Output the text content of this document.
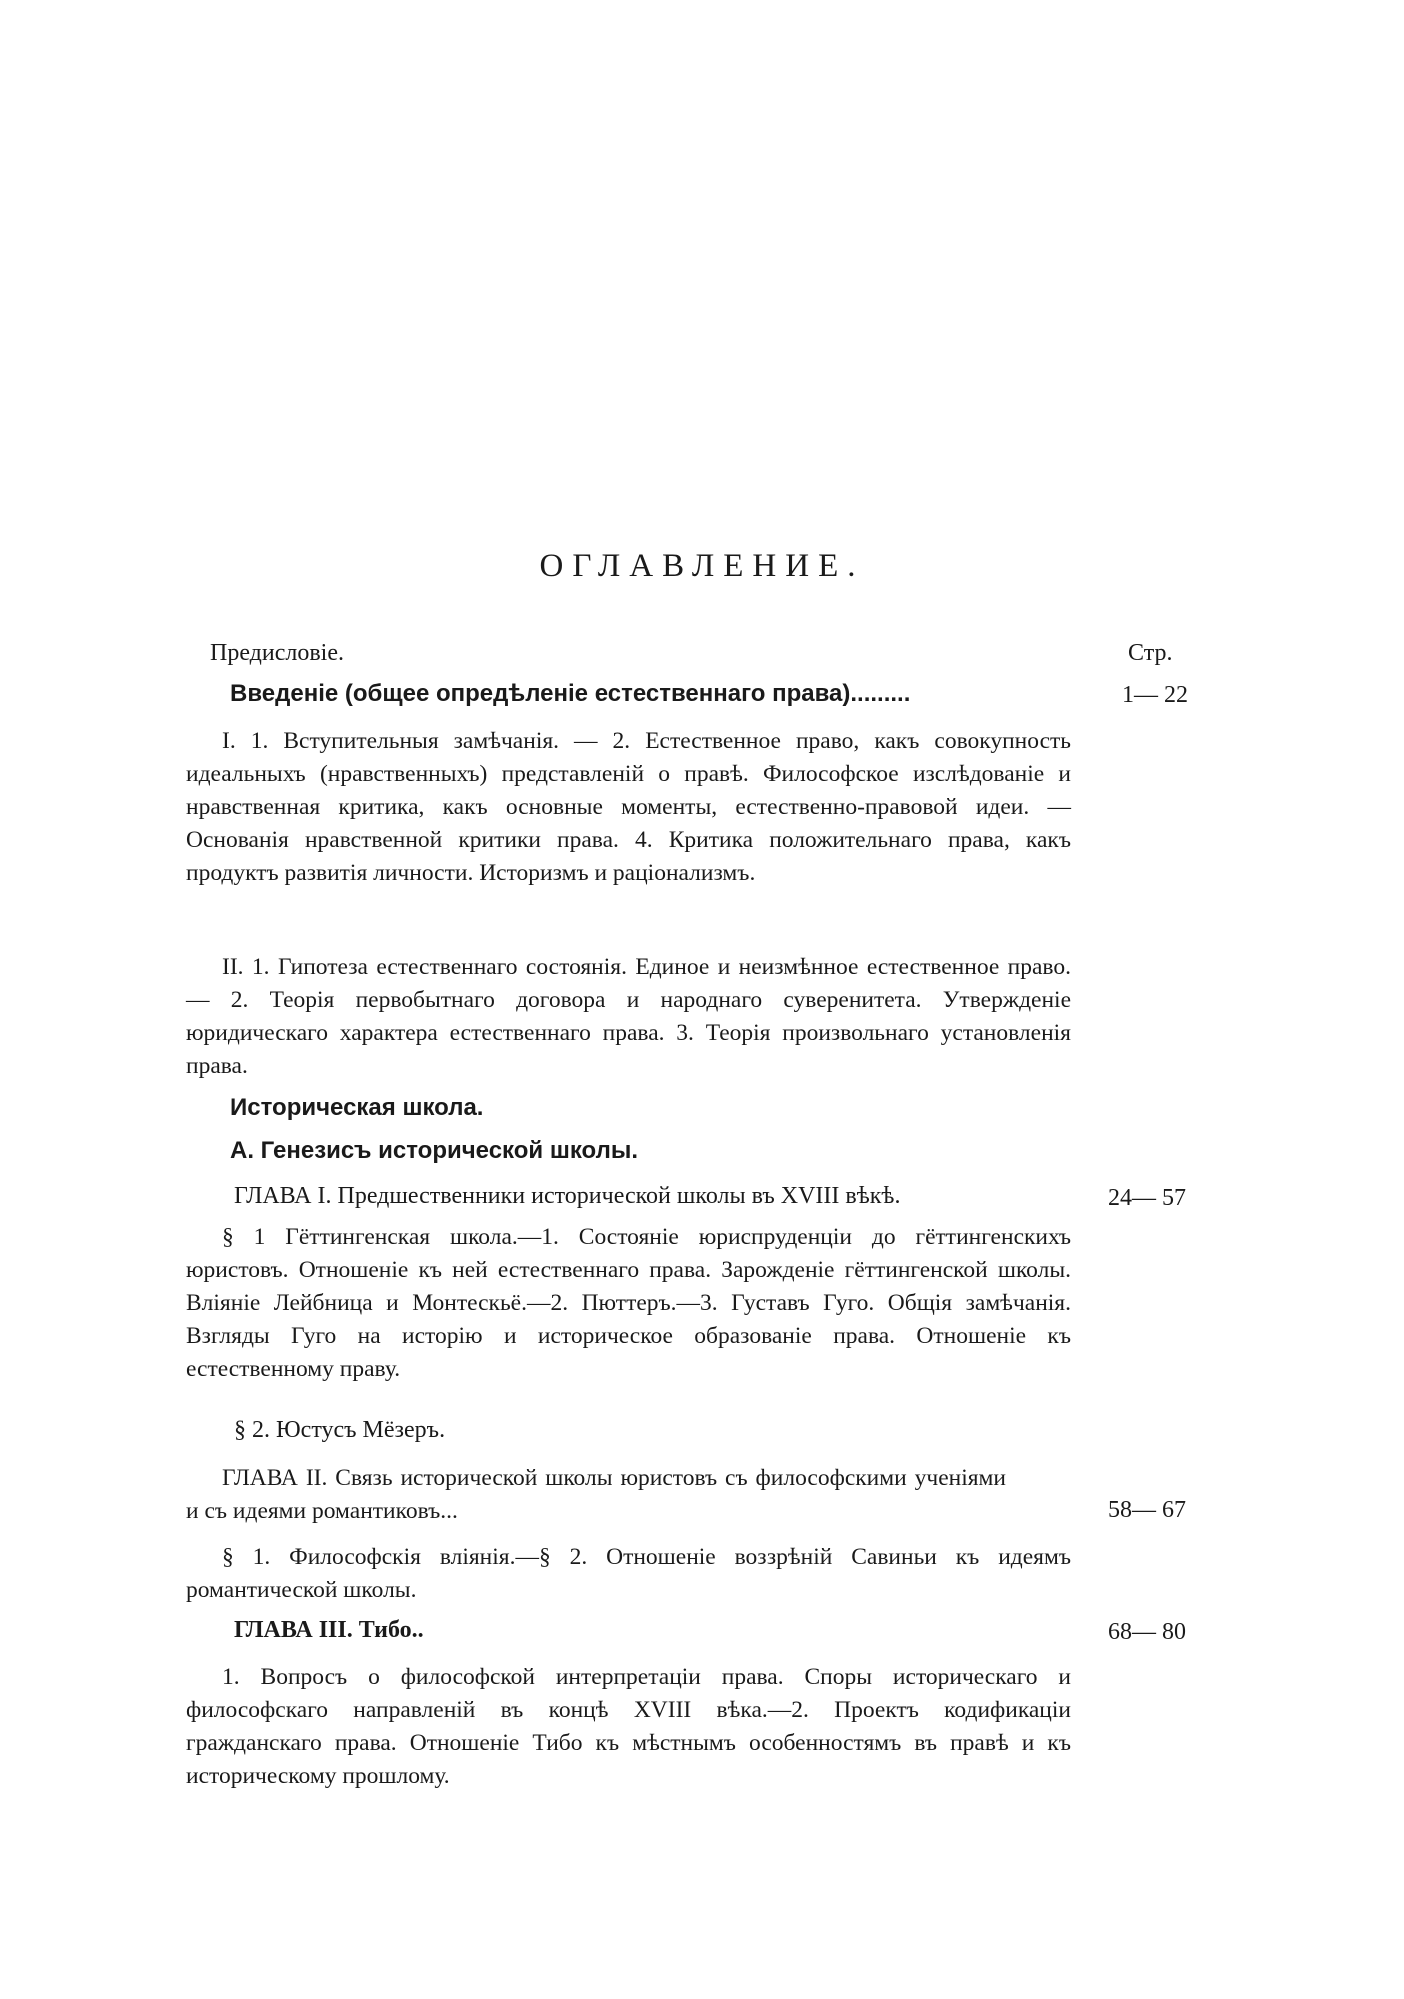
ОГЛАВЛЕНИЕ.
Предисловіе.	Стр.
Введеніе (общее опредѣленіе естественнаго права).........	1— 22
I. 1. Вступительныя замѣчанія. — 2. Естественное право, какъ совокупность идеальныхъ (нравственныхъ) представленій о правѣ. Философское изслѣдованіе и нравственная критика, какъ основные моменты, естественно-правовой идеи. — Основанія нравственной критики права. 4. Критика положительнаго права, какъ продуктъ развитія личности. Историзмъ и раціонализмъ.
II. 1. Гипотеза естественнаго состоянія. Единое и неизмѣнное естественное право. — 2. Теорія первобытнаго договора и народнаго суверенитета. Утвержденіе юридическаго характера естественнаго права. 3. Теорія произвольнаго установленія права.
Историческая школа.
А. Генезисъ исторической школы.
ГЛАВА I. Предшественники исторической школы въ XVIII вѣкѣ.	24— 57
§ 1 Гёттингенская школа.—1. Состояніе юриспруденціи до гёттингенскихъ юристовъ. Отношеніе къ ней естественнаго права. Зарожденіе гёттингенской школы. Вліяніе Лейбница и Монтескьё.—2. Пюттеръ.—3. Густавъ Гуго. Общія замѣчанія. Взгляды Гуго на исторію и историческое образованіе права. Отношеніе къ естественному праву.
§ 2. Юстусъ Мёзеръ.
ГЛАВА II. Связь исторической школы юристовъ съ философскими ученіями и съ идеями романтиковъ...	58— 67
§ 1. Философскія вліянія.—§ 2. Отношеніе воззрѣній Савиньи къ идеямъ романтической школы.
ГЛАВА III. Тибо..	68— 80
1. Вопросъ о философской интерпретаціи права. Споры историческаго и философскаго направленій въ концѣ XVIII вѣка.—2. Проектъ кодификаціи гражданскаго права. Отношеніе Тибо къ мѣстнымъ особенностямъ въ правѣ и къ историческому прошлому.
